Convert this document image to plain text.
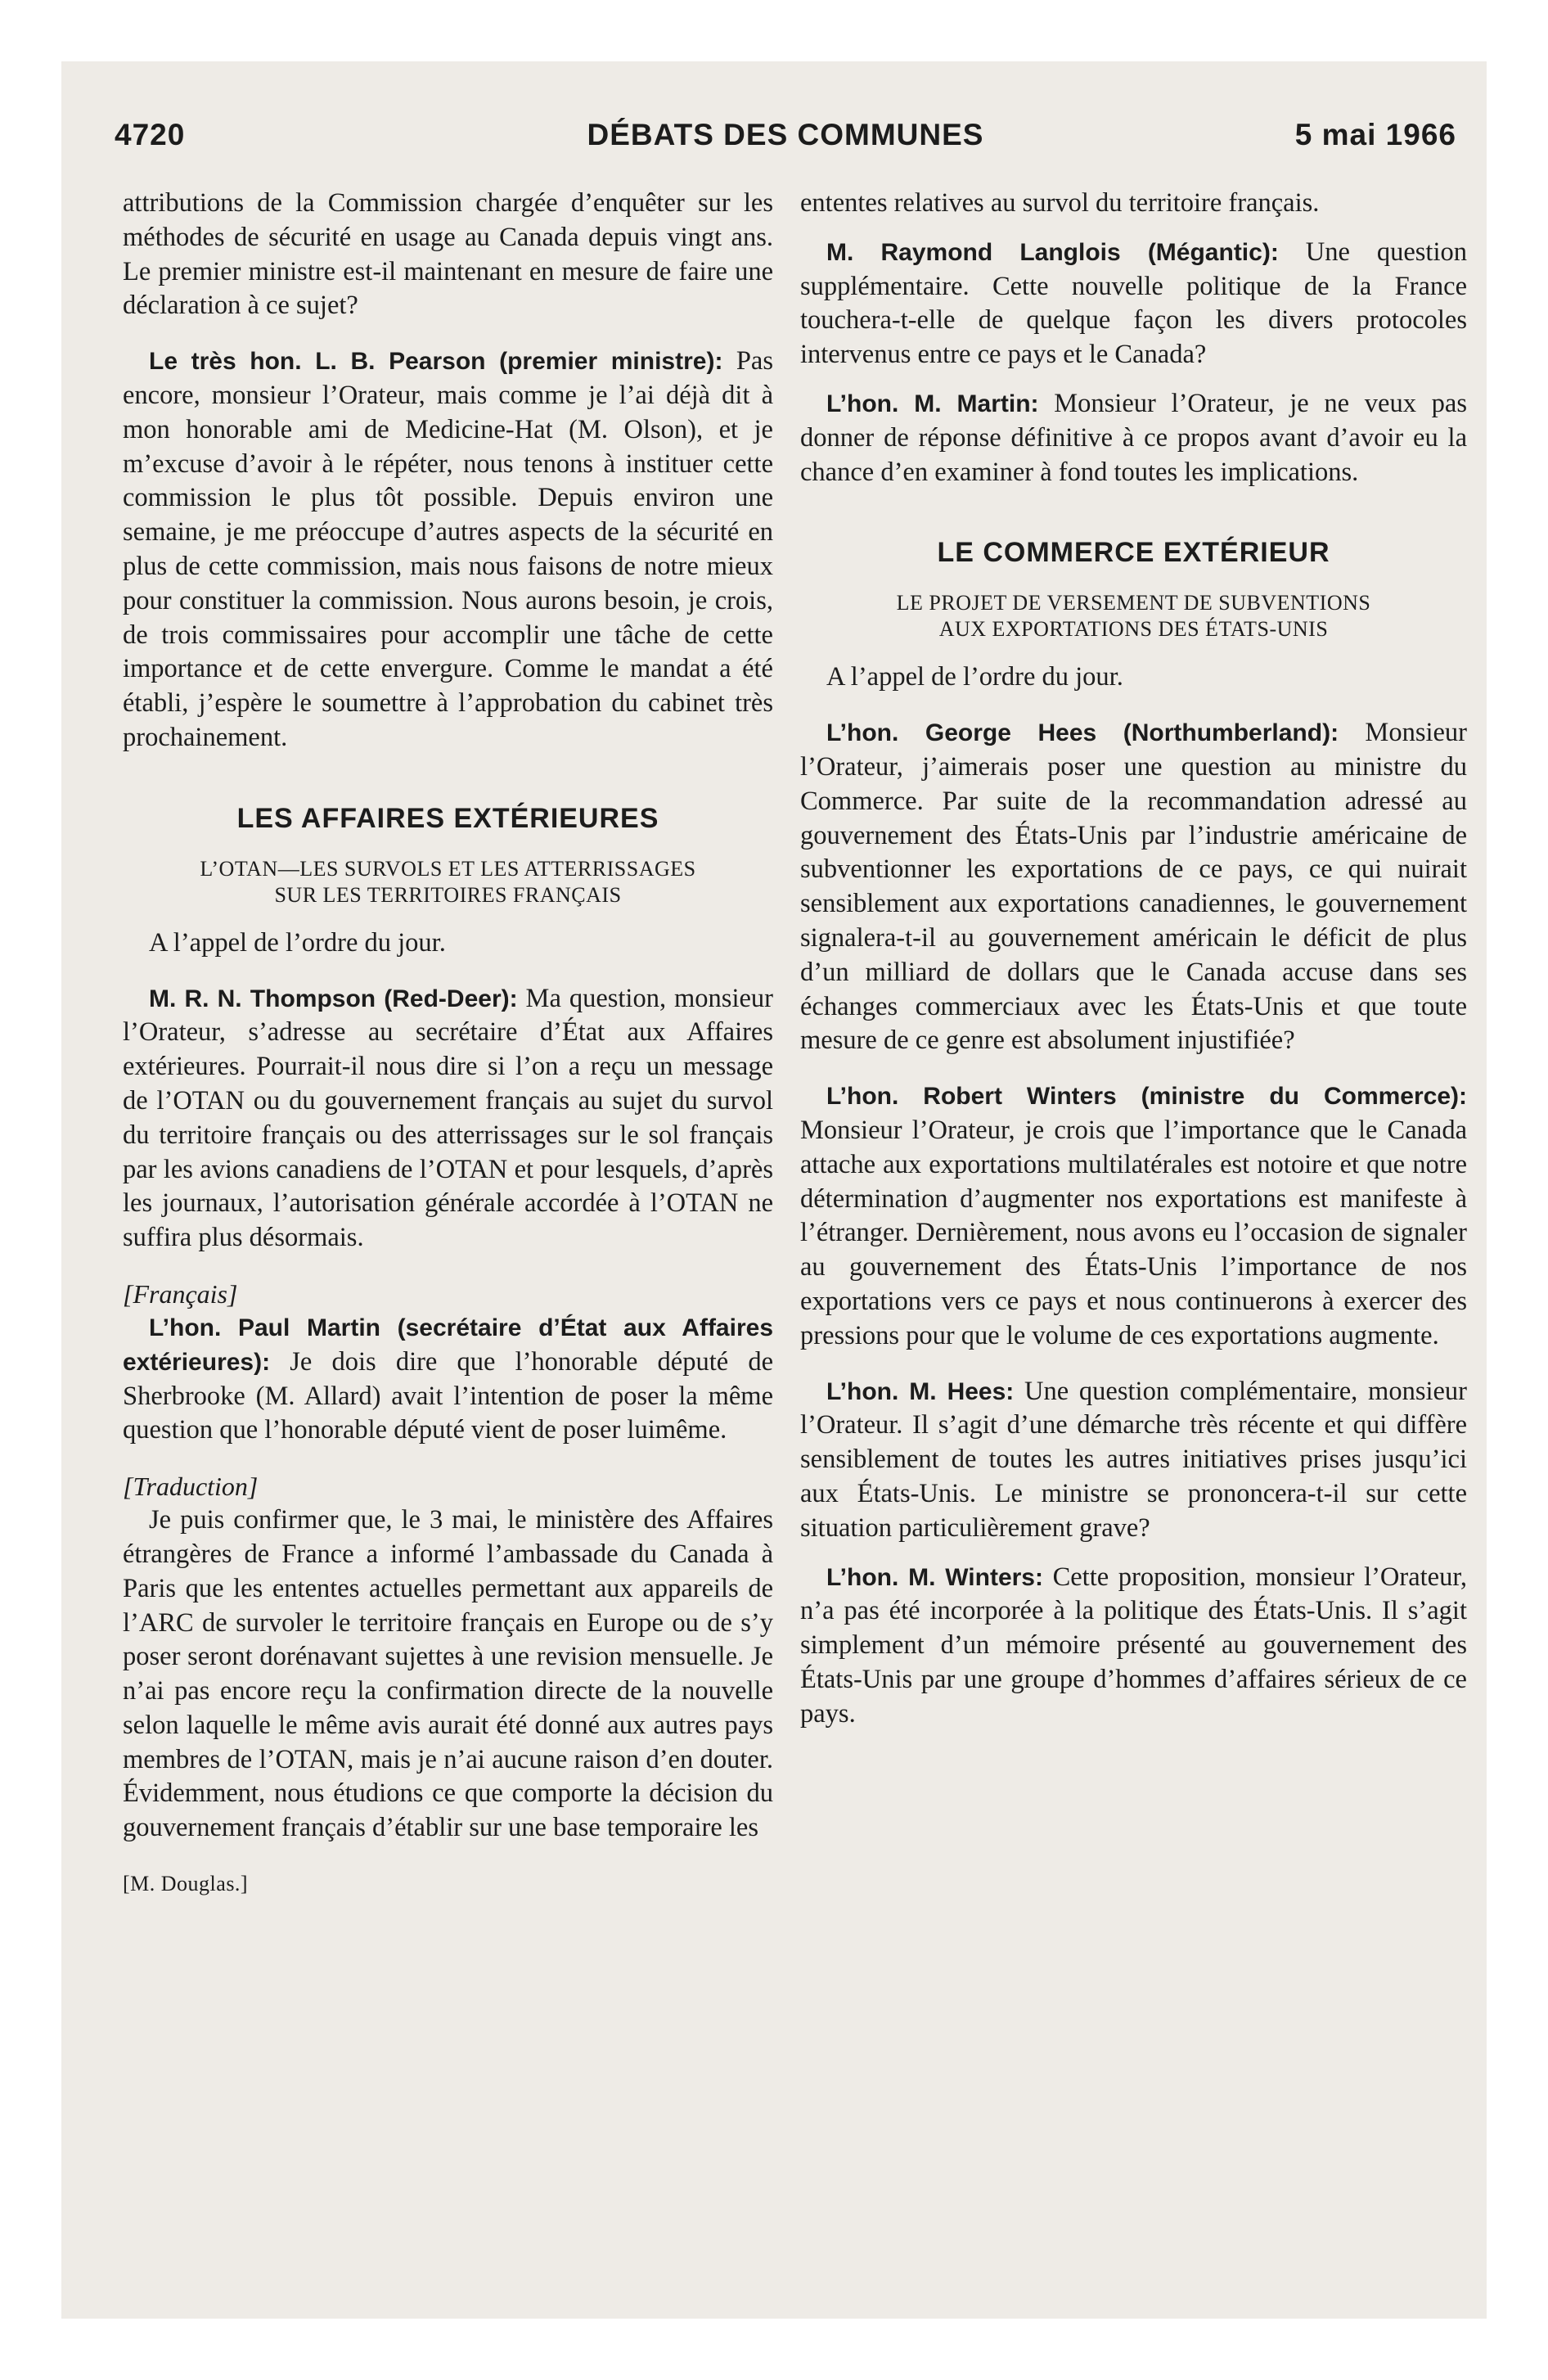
4720	DÉBATS DES COMMUNES	5 mai 1966

attributions de la Commission chargée d’enquêter sur les méthodes de sécurité en usage au Canada depuis vingt ans. Le premier ministre est-il maintenant en mesure de faire une déclaration à ce sujet?

Le très hon. L. B. Pearson (premier ministre): Pas encore, monsieur l’Orateur, mais comme je l’ai déjà dit à mon honorable ami de Medicine-Hat (M. Olson), et je m’excuse d’avoir à le répéter, nous tenons à instituer cette commission le plus tôt possible. Depuis environ une semaine, je me préoccupe d’autres aspects de la sécurité en plus de cette commission, mais nous faisons de notre mieux pour constituer la commission. Nous aurons besoin, je crois, de trois commissaires pour accomplir une tâche de cette importance et de cette envergure. Comme le mandat a été établi, j’espère le soumettre à l’approbation du cabinet très prochainement.

LES AFFAIRES EXTÉRIEURES
L’OTAN—LES SURVOLS ET LES ATTERRISSAGES
SUR LES TERRITOIRES FRANÇAIS

A l’appel de l’ordre du jour.

M. R. N. Thompson (Red-Deer): Ma question, monsieur l’Orateur, s’adresse au secrétaire d’État aux Affaires extérieures. Pourrait-il nous dire si l’on a reçu un message de l’OTAN ou du gouvernement français au sujet du survol du territoire français ou des atterrissages sur le sol français par les avions canadiens de l’OTAN et pour lesquels, d’après les journaux, l’autorisation générale accordée à l’OTAN ne suffira plus désormais.

[Français]

L’hon. Paul Martin (secrétaire d’État aux Affaires extérieures): Je dois dire que l’honorable député de Sherbrooke (M. Allard) avait l’intention de poser la même question que l’honorable député vient de poser luimême.

[Traduction]

Je puis confirmer que, le 3 mai, le ministère des Affaires étrangères de France a informé l’ambassade du Canada à Paris que les ententes actuelles permettant aux appareils de l’ARC de survoler le territoire français en Europe ou de s’y poser seront dorénavant sujettes à une revision mensuelle. Je n’ai pas encore reçu la confirmation directe de la nouvelle selon laquelle le même avis aurait été donné aux autres pays membres de l’OTAN, mais je n’ai aucune raison d’en douter. Évidemment, nous étudions ce que comporte la décision du gouvernement français d’établir sur une base temporaire les

[M. Douglas.]

ententes relatives au survol du territoire français.

M. Raymond Langlois (Mégantic): Une question supplémentaire. Cette nouvelle politique de la France touchera-t-elle de quelque façon les divers protocoles intervenus entre ce pays et le Canada?

L’hon. M. Martin: Monsieur l’Orateur, je ne veux pas donner de réponse définitive à ce propos avant d’avoir eu la chance d’en examiner à fond toutes les implications.

LE COMMERCE EXTÉRIEUR
LE PROJET DE VERSEMENT DE SUBVENTIONS
AUX EXPORTATIONS DES ÉTATS-UNIS

A l’appel de l’ordre du jour.

L’hon. George Hees (Northumberland): Monsieur l’Orateur, j’aimerais poser une question au ministre du Commerce. Par suite de la recommandation adressé au gouvernement des États-Unis par l’industrie américaine de subventionner les exportations de ce pays, ce qui nuirait sensiblement aux exportations canadiennes, le gouvernement signalera-t-il au gouvernement américain le déficit de plus d’un milliard de dollars que le Canada accuse dans ses échanges commerciaux avec les États-Unis et que toute mesure de ce genre est absolument injustifiée?

L’hon. Robert Winters (ministre du Commerce): Monsieur l’Orateur, je crois que l’importance que le Canada attache aux exportations multilatérales est notoire et que notre détermination d’augmenter nos exportations est manifeste à l’étranger. Dernièrement, nous avons eu l’occasion de signaler au gouvernement des États-Unis l’importance de nos exportations vers ce pays et nous continuerons à exercer des pressions pour que le volume de ces exportations augmente.

L’hon. M. Hees: Une question complémentaire, monsieur l’Orateur. Il s’agit d’une démarche très récente et qui diffère sensiblement de toutes les autres initiatives prises jusqu’ici aux États-Unis. Le ministre se prononcera-t-il sur cette situation particulièrement grave?

L’hon. M. Winters: Cette proposition, monsieur l’Orateur, n’a pas été incorporée à la politique des États-Unis. Il s’agit simplement d’un mémoire présenté au gouvernement des États-Unis par une groupe d’hommes d’affaires sérieux de ce pays.
